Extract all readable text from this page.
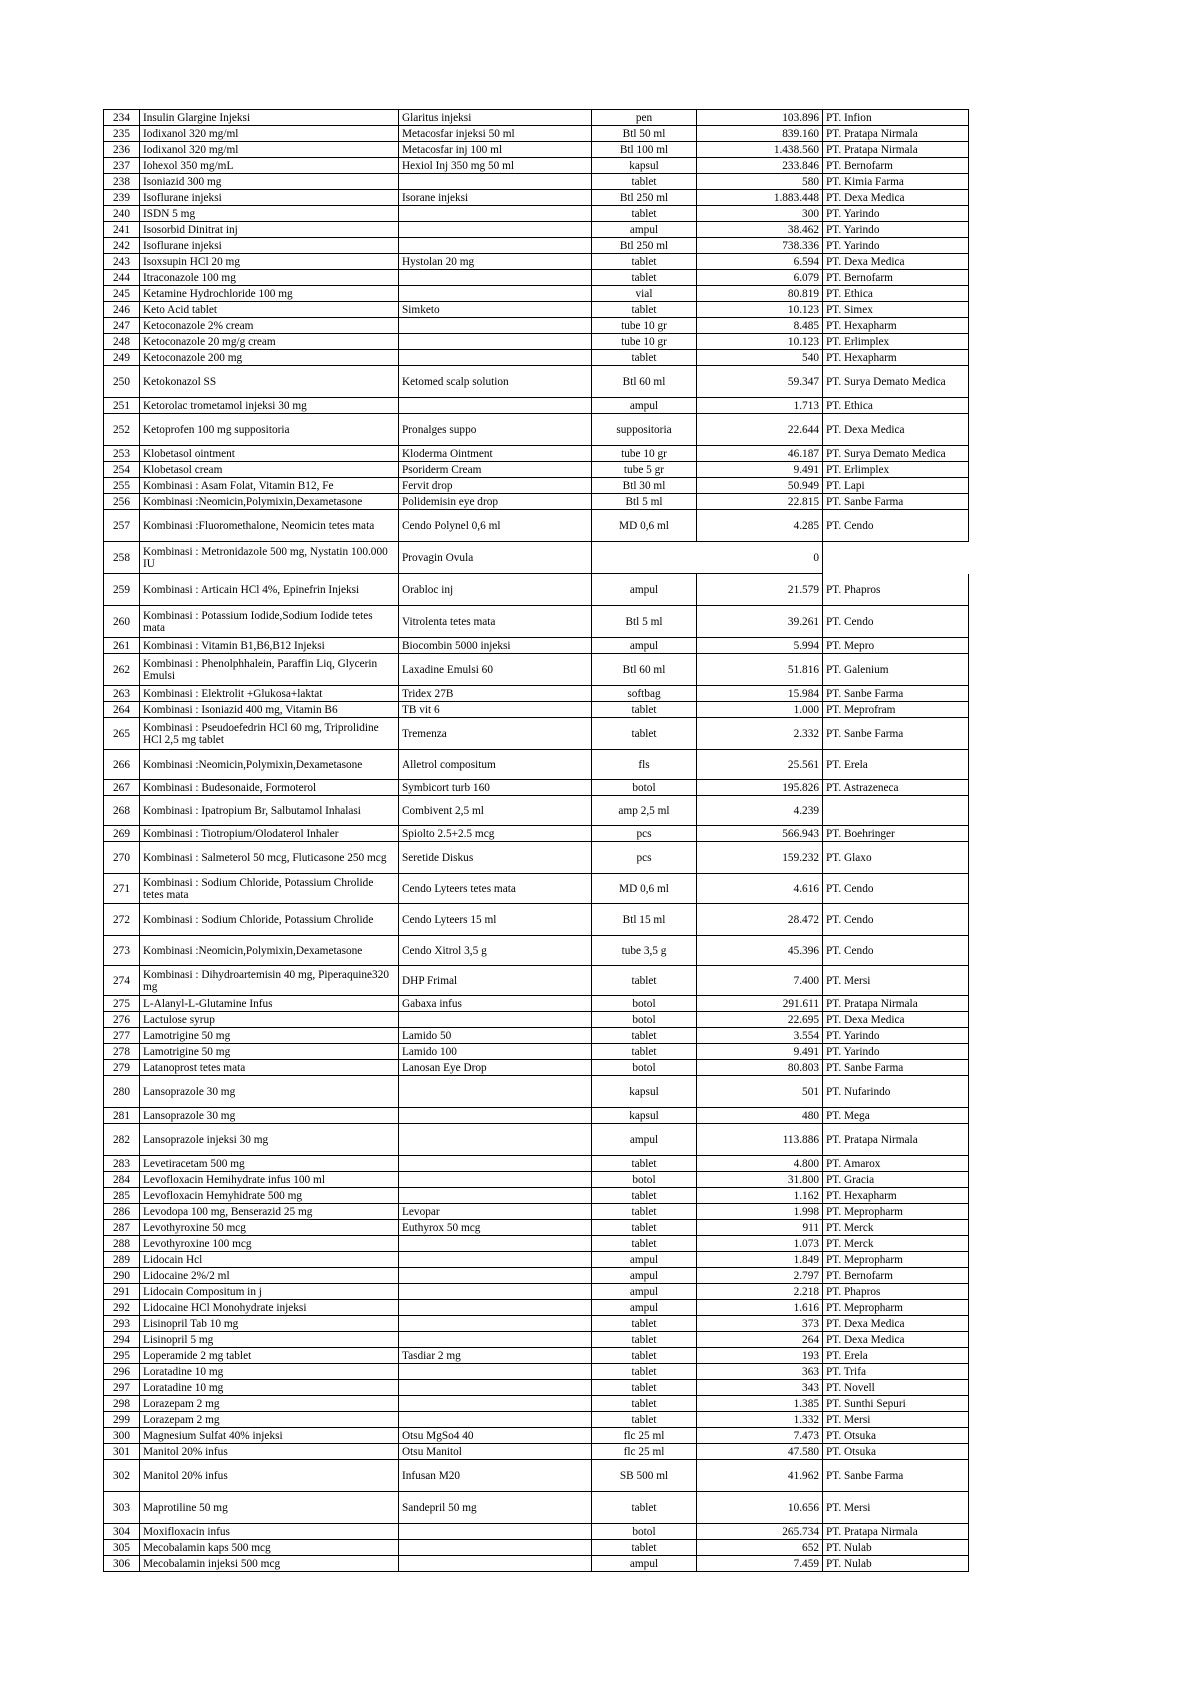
234	Insulin Glargine Injeksi	Glaritus injeksi	pen	103.896	PT. Infion
235	Iodixanol 320 mg/ml	Metacosfar injeksi 50 ml	Btl 50 ml	839.160	PT. Pratapa Nirmala
236	Iodixanol 320 mg/ml	Metacosfar inj 100 ml	Btl 100 ml	1.438.560	PT. Pratapa Nirmala
237	Iohexol 350 mg/mL	Hexiol Inj 350 mg 50 ml	kapsul	233.846	PT. Bernofarm
238	Isoniazid 300 mg		tablet	580	PT. Kimia Farma
239	Isoflurane injeksi	Isorane injeksi	Btl 250 ml	1.883.448	PT. Dexa Medica
240	ISDN 5 mg		tablet	300	PT. Yarindo
241	Isosorbid Dinitrat inj		ampul	38.462	PT. Yarindo
242	Isoflurane injeksi		Btl 250 ml	738.336	PT. Yarindo
243	Isoxsupin HCl 20 mg	Hystolan 20 mg	tablet	6.594	PT. Dexa Medica
244	Itraconazole 100 mg		tablet	6.079	PT. Bernofarm
245	Ketamine Hydrochloride 100 mg		vial	80.819	PT. Ethica
246	Keto Acid tablet	Simketo	tablet	10.123	PT. Simex
247	Ketoconazole 2% cream		tube 10 gr	8.485	PT. Hexapharm
248	Ketoconazole 20 mg/g cream		tube 10 gr	10.123	PT. Erlimplex
249	Ketoconazole 200 mg		tablet	540	PT. Hexapharm
250	Ketokonazol SS	Ketomed scalp solution	Btl 60 ml	59.347	PT. Surya Demato Medica
251	Ketorolac trometamol injeksi 30 mg		ampul	1.713	PT. Ethica
252	Ketoprofen 100 mg suppositoria	Pronalges suppo	suppositoria	22.644	PT. Dexa Medica
253	Klobetasol ointment	Kloderma Ointment	tube 10 gr	46.187	PT. Surya Demato Medica
254	Klobetasol cream	Psoriderm Cream	tube 5 gr	9.491	PT. Erlimplex
255	Kombinasi : Asam Folat, Vitamin B12, Fe	Fervit drop	Btl 30 ml	50.949	PT. Lapi
256	Kombinasi :Neomicin,Polymixin,Dexametasone	Polidemisin eye drop	Btl 5 ml	22.815	PT. Sanbe Farma
257	Kombinasi :Fluoromethalone, Neomicin tetes mata	Cendo Polynel 0,6 ml	MD 0,6 ml	4.285	PT. Cendo
258	Kombinasi : Metronidazole 500 mg, Nystatin 100.000 IU	Provagin Ovula	0		
259	Kombinasi : Articain HCl 4%, Epinefrin Injeksi	Orabloc inj	ampul	21.579	PT. Phapros
260	Kombinasi : Potassium Iodide,Sodium Iodide tetes mata	Vitrolenta tetes mata	Btl 5 ml	39.261	PT. Cendo
261	Kombinasi : Vitamin B1,B6,B12 Injeksi	Biocombin 5000 injeksi	ampul	5.994	PT. Mepro
262	Kombinasi : Phenolphhalein, Paraffin Liq, Glycerin Emulsi	Laxadine Emulsi 60	Btl 60 ml	51.816	PT. Galenium
263	Kombinasi : Elektrolit +Glukosa+laktat	Tridex 27B	softbag	15.984	PT. Sanbe Farma
264	Kombinasi : Isoniazid 400 mg, Vitamin B6	TB vit 6	tablet	1.000	PT. Meprofram
265	Kombinasi : Pseudoefedrin HCl 60 mg, Triprolidine HCl 2,5 mg tablet	Tremenza	tablet	2.332	PT. Sanbe Farma
266	Kombinasi :Neomicin,Polymixin,Dexametasone	Alletrol compositum	fls	25.561	PT. Erela
267	Kombinasi : Budesonaide, Formoterol	Symbicort turb 160	botol	195.826	PT. Astrazeneca
268	Kombinasi : Ipatropium Br, Salbutamol Inhalasi	Combivent 2,5 ml	amp 2,5 ml	4.239	
269	Kombinasi : Tiotropium/Olodaterol Inhaler	Spiolto 2.5+2.5 mcg	pcs	566.943	PT. Boehringer
270	Kombinasi : Salmeterol 50 mcg, Fluticasone 250 mcg	Seretide Diskus	pcs	159.232	PT. Glaxo
271	Kombinasi : Sodium Chloride, Potassium Chrolide tetes mata	Cendo Lyteers tetes mata	MD 0,6 ml	4.616	PT. Cendo
272	Kombinasi : Sodium Chloride, Potassium Chrolide	Cendo Lyteers 15 ml	Btl 15 ml	28.472	PT. Cendo
273	Kombinasi :Neomicin,Polymixin,Dexametasone	Cendo Xitrol 3,5 g	tube 3,5 g	45.396	PT. Cendo
274	Kombinasi : Dihydroartemisin 40 mg, Piperaquine320 mg	DHP Frimal	tablet	7.400	PT. Mersi
275	L-Alanyl-L-Glutamine Infus	Gabaxa infus	botol	291.611	PT. Pratapa Nirmala
276	Lactulose syrup		botol	22.695	PT. Dexa Medica
277	Lamotrigine 50 mg	Lamido 50	tablet	3.554	PT. Yarindo
278	Lamotrigine 50 mg	Lamido 100	tablet	9.491	PT. Yarindo
279	Latanoprost tetes mata	Lanosan Eye Drop	botol	80.803	PT. Sanbe Farma
280	Lansoprazole 30 mg		kapsul	501	PT. Nufarindo
281	Lansoprazole 30 mg		kapsul	480	PT. Mega
282	Lansoprazole injeksi 30 mg		ampul	113.886	PT. Pratapa Nirmala
283	Levetiracetam 500 mg		tablet	4.800	PT. Amarox
284	Levofloxacin Hemihydrate infus 100 ml		botol	31.800	PT. Gracia
285	Levofloxacin Hemyhidrate 500 mg		tablet	1.162	PT. Hexapharm
286	Levodopa 100 mg, Benserazid 25 mg	Levopar	tablet	1.998	PT. Mepropharm
287	Levothyroxine 50 mcg	Euthyrox 50 mcg	tablet	911	PT. Merck
288	Levothyroxine 100 mcg		tablet	1.073	PT. Merck
289	Lidocain Hcl		ampul	1.849	PT. Mepropharm
290	Lidocaine 2%/2 ml		ampul	2.797	PT. Bernofarm
291	Lidocain Compositum in j		ampul	2.218	PT. Phapros
292	Lidocaine HCl Monohydrate injeksi		ampul	1.616	PT. Mepropharm
293	Lisinopril Tab 10 mg		tablet	373	PT. Dexa Medica
294	Lisinopril 5 mg		tablet	264	PT. Dexa Medica
295	Loperamide 2 mg tablet	Tasdiar 2 mg	tablet	193	PT. Erela
296	Loratadine 10 mg		tablet	363	PT. Trifa
297	Loratadine 10 mg		tablet	343	PT. Novell
298	Lorazepam 2 mg		tablet	1.385	PT. Sunthi Sepuri
299	Lorazepam 2 mg		tablet	1.332	PT. Mersi
300	Magnesium Sulfat 40% injeksi	Otsu MgSo4 40	flc 25 ml	7.473	PT. Otsuka
301	Manitol 20% infus	Otsu Manitol	flc 25 ml	47.580	PT. Otsuka
302	Manitol 20% infus	Infusan M20	SB 500 ml	41.962	PT. Sanbe Farma
303	Maprotiline 50 mg	Sandepril 50 mg	tablet	10.656	PT. Mersi
304	Moxifloxacin infus		botol	265.734	PT. Pratapa Nirmala
305	Mecobalamin kaps 500 mcg		tablet	652	PT. Nulab
306	Mecobalamin injeksi 500 mcg		ampul	7.459	PT. Nulab
